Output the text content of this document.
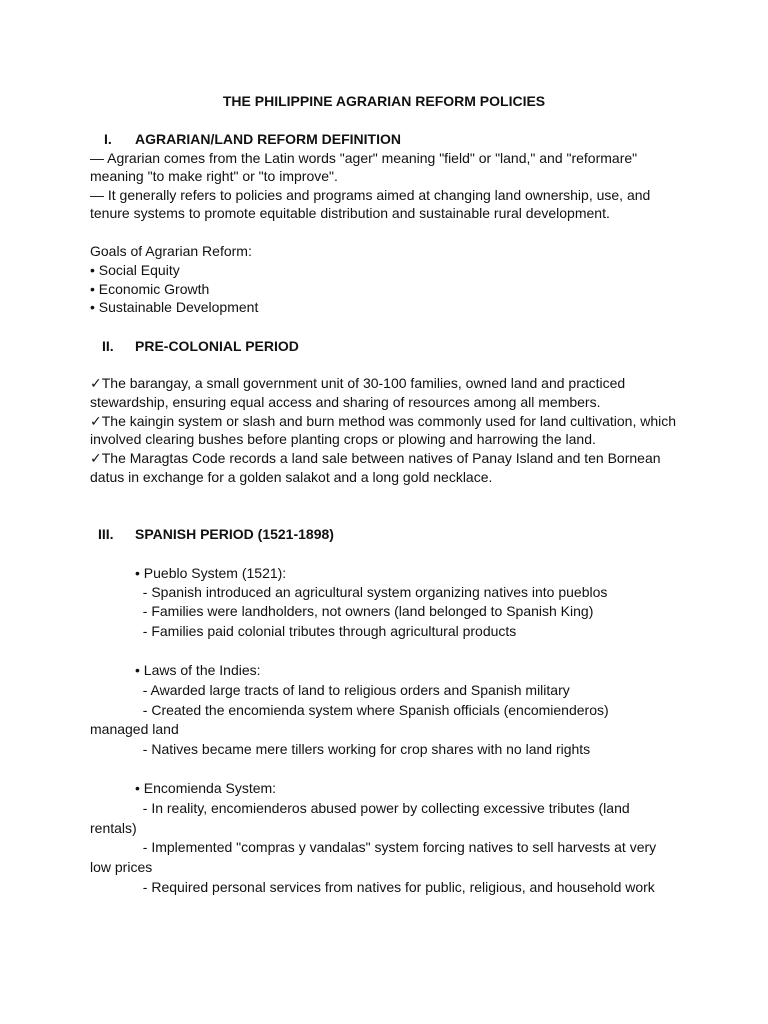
THE PHILIPPINE AGRARIAN REFORM POLICIES
I. AGRARIAN/LAND REFORM DEFINITION
— Agrarian comes from the Latin words "ager" meaning "field" or "land," and "reformare"
meaning "to make right" or "to improve".
— It generally refers to policies and programs aimed at changing land ownership, use, and
tenure systems to promote equitable distribution and sustainable rural development.
Goals of Agrarian Reform:
• Social Equity
• Economic Growth
• Sustainable Development
II. PRE-COLONIAL PERIOD
✓The barangay, a small government unit of 30-100 families, owned land and practiced
stewardship, ensuring equal access and sharing of resources among all members.
✓The kaingin system or slash and burn method was commonly used for land cultivation, which
involved clearing bushes before planting crops or plowing and harrowing the land.
✓The Maragtas Code records a land sale between natives of Panay Island and ten Bornean
datus in exchange for a golden salakot and a long gold necklace.
III. SPANISH PERIOD (1521-1898)
• Pueblo System (1521):
- Spanish introduced an agricultural system organizing natives into pueblos
- Families were landholders, not owners (land belonged to Spanish King)
- Families paid colonial tributes through agricultural products
• Laws of the Indies:
- Awarded large tracts of land to religious orders and Spanish military
- Created the encomienda system where Spanish officials (encomienderos)
managed land
- Natives became mere tillers working for crop shares with no land rights
• Encomienda System:
- In reality, encomienderos abused power by collecting excessive tributes (land
rentals)
- Implemented "compras y vandalas" system forcing natives to sell harvests at very
low prices
- Required personal services from natives for public, religious, and household work
